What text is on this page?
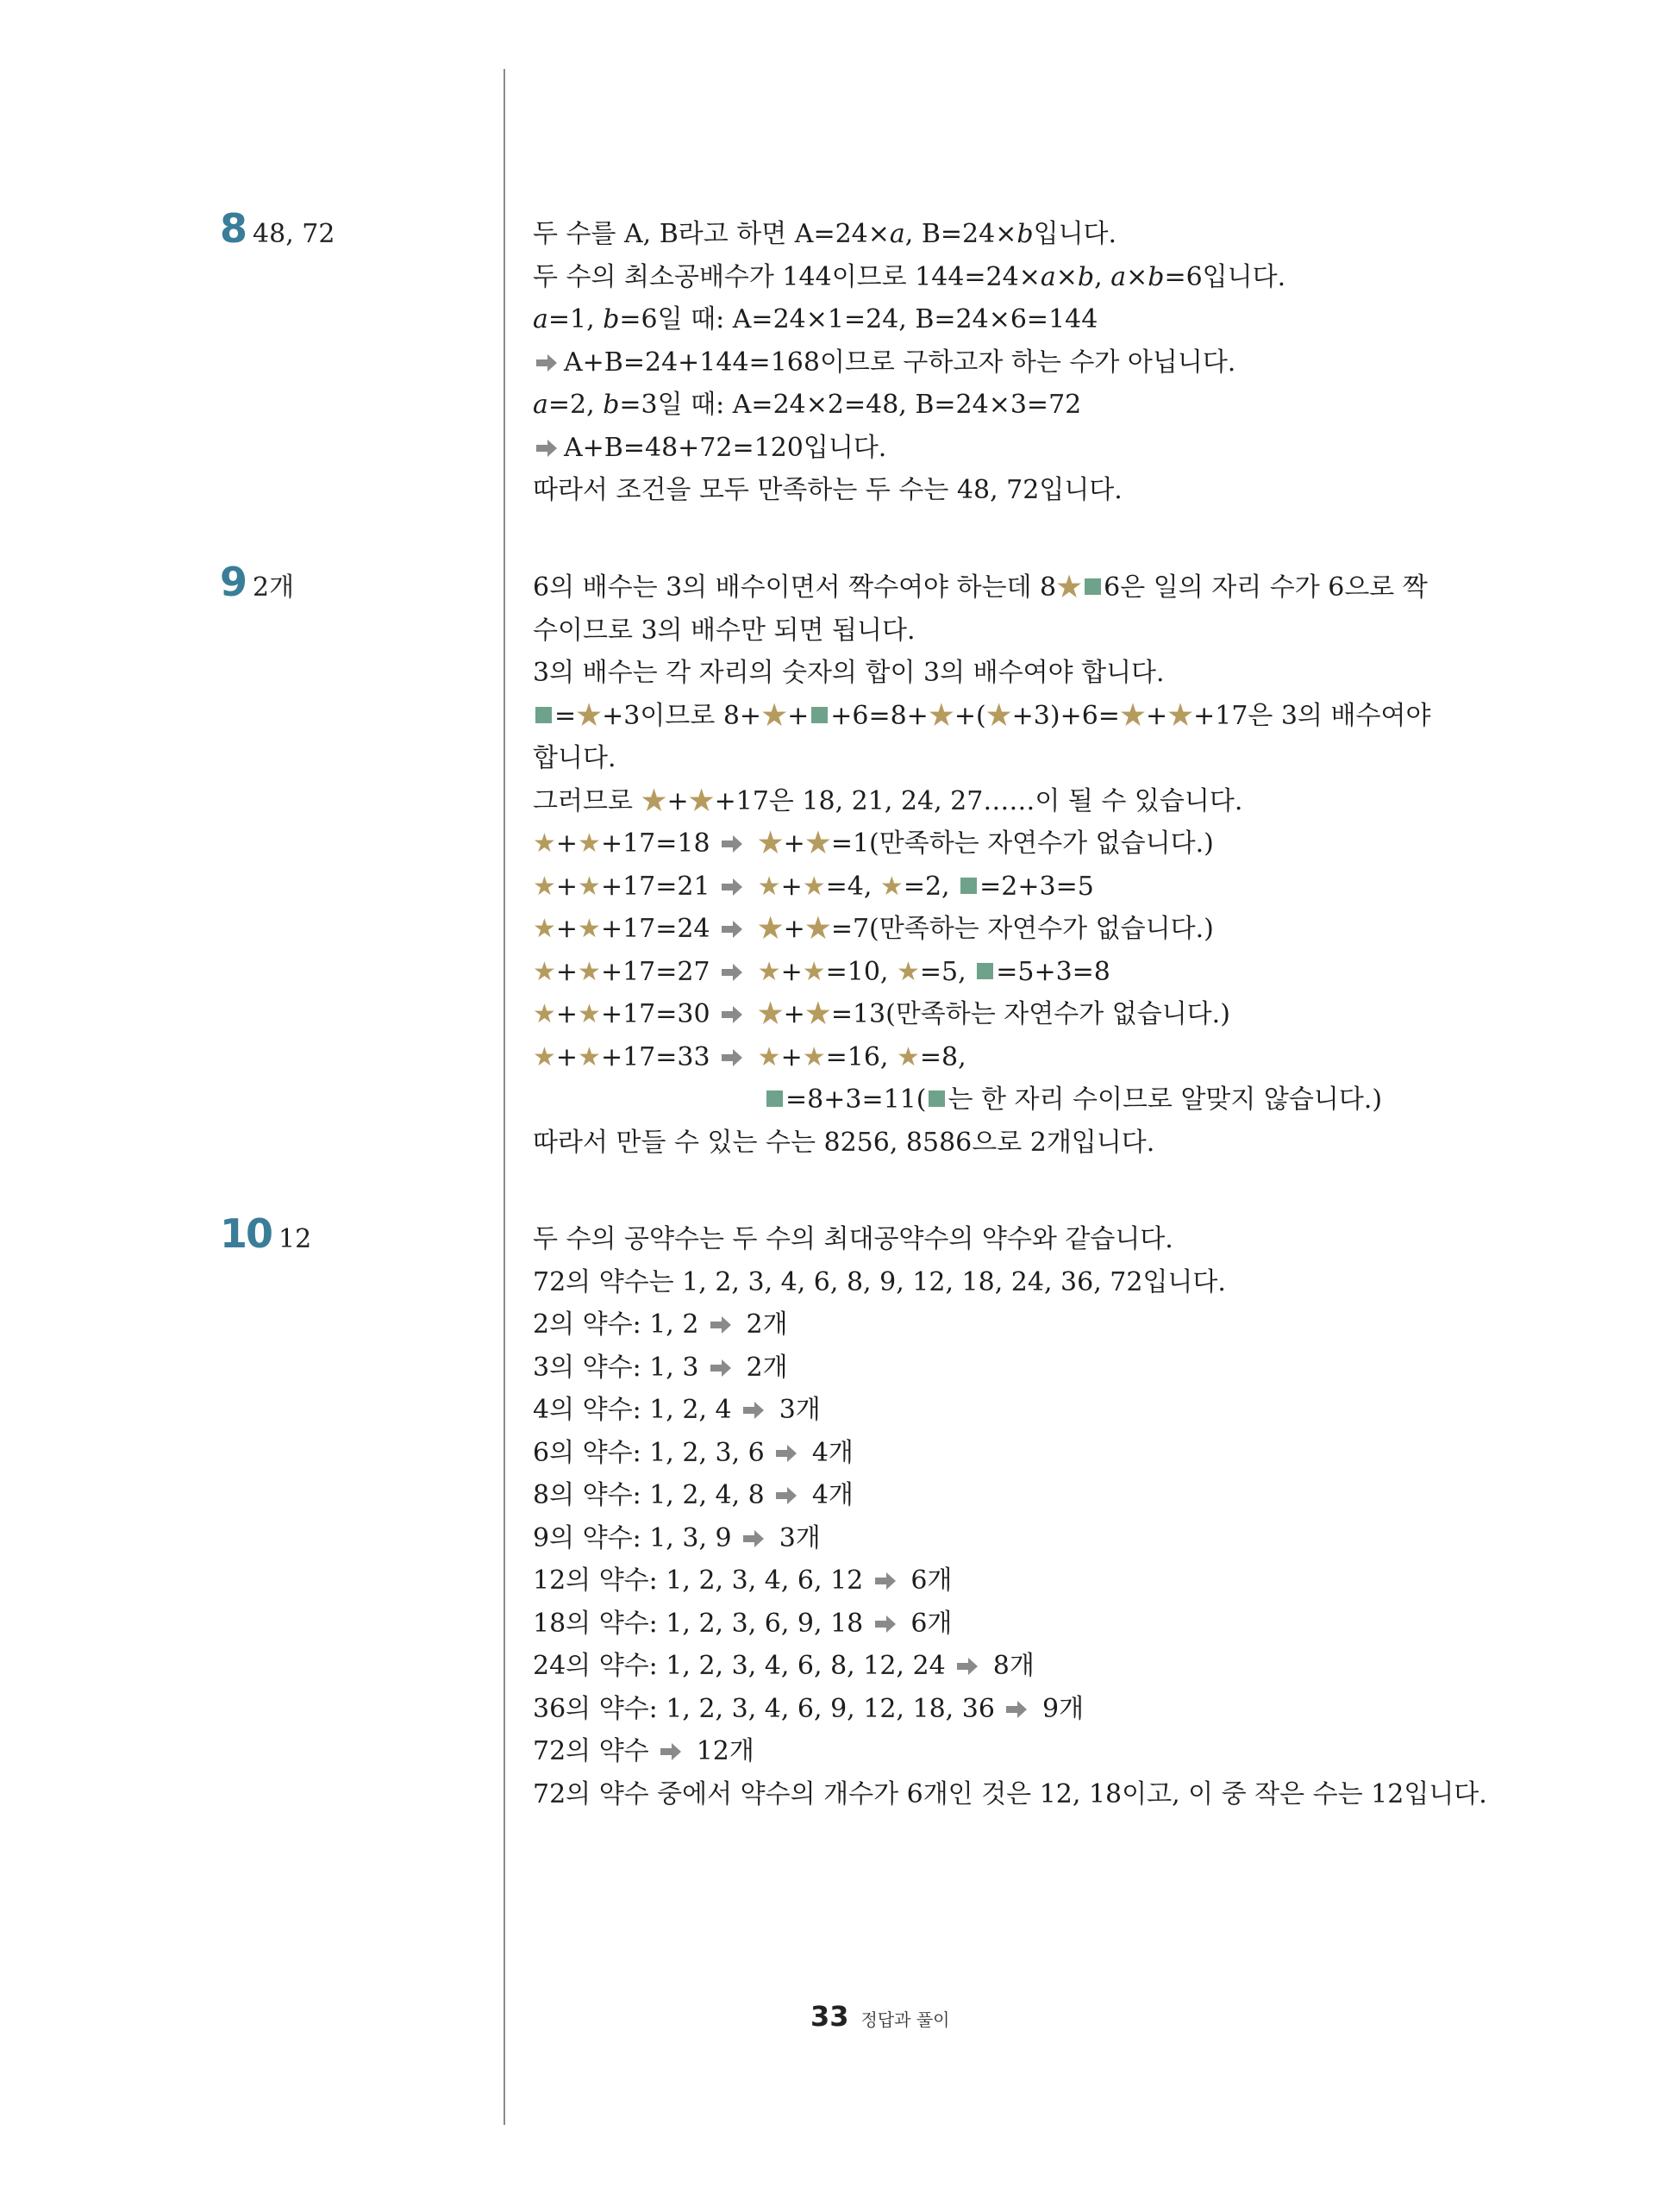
8 48, 72	두 수를 A, B라고 하면 A=24×a, B=24×b입니다.
두 수의 최소공배수가 144이므로 144=24×a×b, a×b=6입니다.
a=1, b=6일 때: A=24×1=24, B=24×6=144
A+B=24+144=168이므로 구하고자 하는 수가 아닙니다.
a=2, b=3일 때: A=24×2=48, B=24×3=72
A+B=48+72=120입니다.
따라서 조건을 모두 만족하는 두 수는 48, 72입니다.
9 2개	6의 배수는 3의 배수이면서 짝수여야 하는데 8★ 6은 일의 자리 수가 6으로 짝수이므로 3의 배수만 되면 됩니다.
3의 배수는 각 자리의 숫자의 합이 3의 배수여야 합니다.
=★+3이므로 8+★+ +6=8+★+(★+3)+6=★+★+17은 3의 배수여야 합니다.
그러므로 ★+★+17은 18, 21, 24, 27……이 될 수 있습니다.
★+★+17=18  ★+★=1(만족하는 자연수가 없습니다.)
★+★+17=21  ★+★=4, ★=2, =2+3=5
★+★+17=24  ★+★=7(만족하는 자연수가 없습니다.)
★+★+17=27  ★+★=10, ★=5, =5+3=8
★+★+17=30  ★+★=13(만족하는 자연수가 없습니다.)
★+★+17=33  ★+★=16, ★=8,
=8+3=11( 는 한 자리 수이므로 알맞지 않습니다.)
따라서 만들 수 있는 수는 8256, 8586으로 2개입니다.
10 12	두 수의 공약수는 두 수의 최대공약수의 약수와 같습니다.
72의 약수는 1, 2, 3, 4, 6, 8, 9, 12, 18, 24, 36, 72입니다.
2의 약수: 1, 2  2개
3의 약수: 1, 3  2개
4의 약수: 1, 2, 4  3개
6의 약수: 1, 2, 3, 6  4개
8의 약수: 1, 2, 4, 8  4개
9의 약수: 1, 3, 9  3개
12의 약수: 1, 2, 3, 4, 6, 12  6개
18의 약수: 1, 2, 3, 6, 9, 18  6개
24의 약수: 1, 2, 3, 4, 6, 8, 12, 24  8개
36의 약수: 1, 2, 3, 4, 6, 9, 12, 18, 36  9개
72의 약수  12개
72의 약수 중에서 약수의 개수가 6개인 것은 12, 18이고, 이 중 작은 수는 12입니다.
33 정답과 풀이
